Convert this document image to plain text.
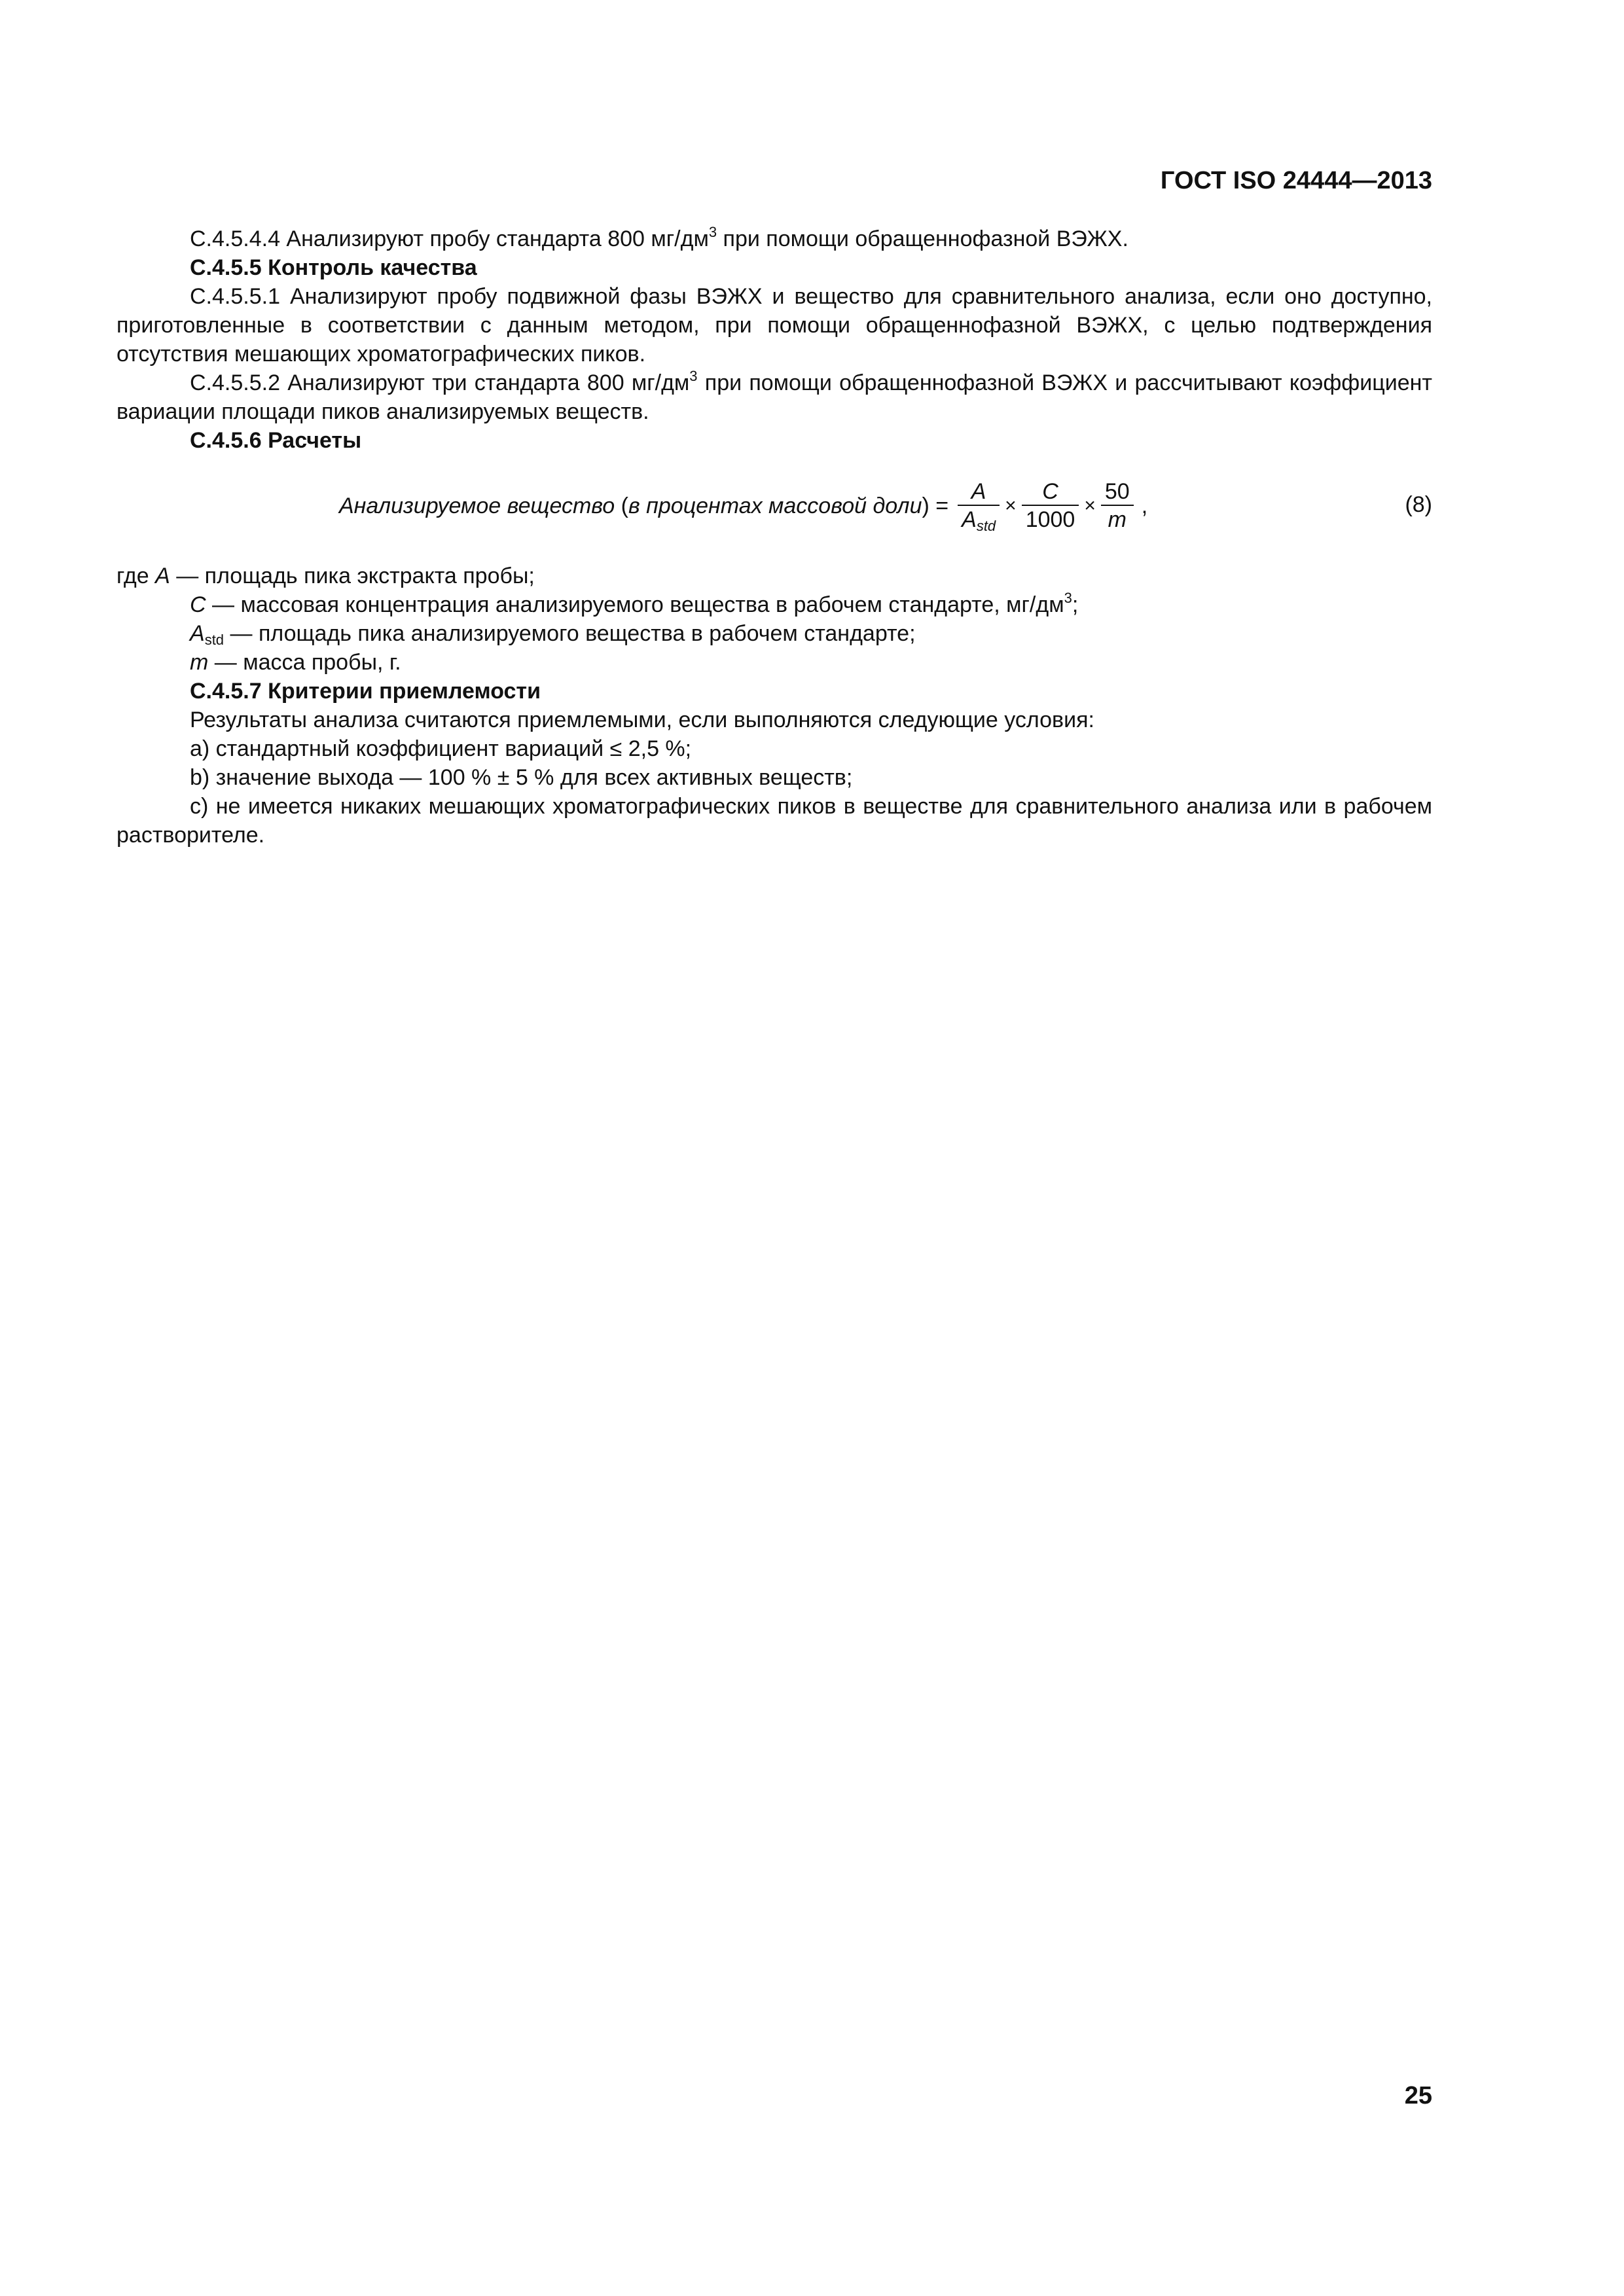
ГОСТ ISO 24444—2013

С.4.5.4.4 Анализируют пробу стандарта 800 $мг/дм^3$ при помощи обращеннофазной ВЭЖХ.

С.4.5.5 Контроль качества

С.4.5.5.1 Анализируют пробу подвижной фазы ВЭЖХ и вещество для сравнительного анализа, если оно доступно, приготовленные в соответствии с данным методом, при помощи обращеннофазной ВЭЖХ, с целью подтверждения отсутствия мешающих хроматографических пиков.

С.4.5.5.2 Анализируют три стандарта 800 $мг/дм^3$ при помощи обращеннофазной ВЭЖХ и рассчитывают коэффициент вариации площади пиков анализируемых веществ.

С.4.5.6 Расчеты

Анализируемое вещество ( в процентах массовой доли ) = $\frac{A}{A_{std}} \times \frac{C}{1000} \times \frac{50}{m}$ ,	(8)

где A — площадь пика экстракта пробы;

C — массовая концентрация анализируемого вещества в рабочем стандарте, $мг/дм^3$;

$A_{std}$ — площадь пика анализируемого вещества в рабочем стандарте;

m — масса пробы, г.

С.4.5.7 Критерии приемлемости

Результаты анализа считаются приемлемыми, если выполняются следующие условия:

a) стандартный коэффициент вариаций ≤ 2,5 %;

b) значение выхода — 100 % ± 5 % для всех активных веществ;

c) не имеется никаких мешающих хроматографических пиков в веществе для сравнительного анализа или в рабочем растворителе.

25
